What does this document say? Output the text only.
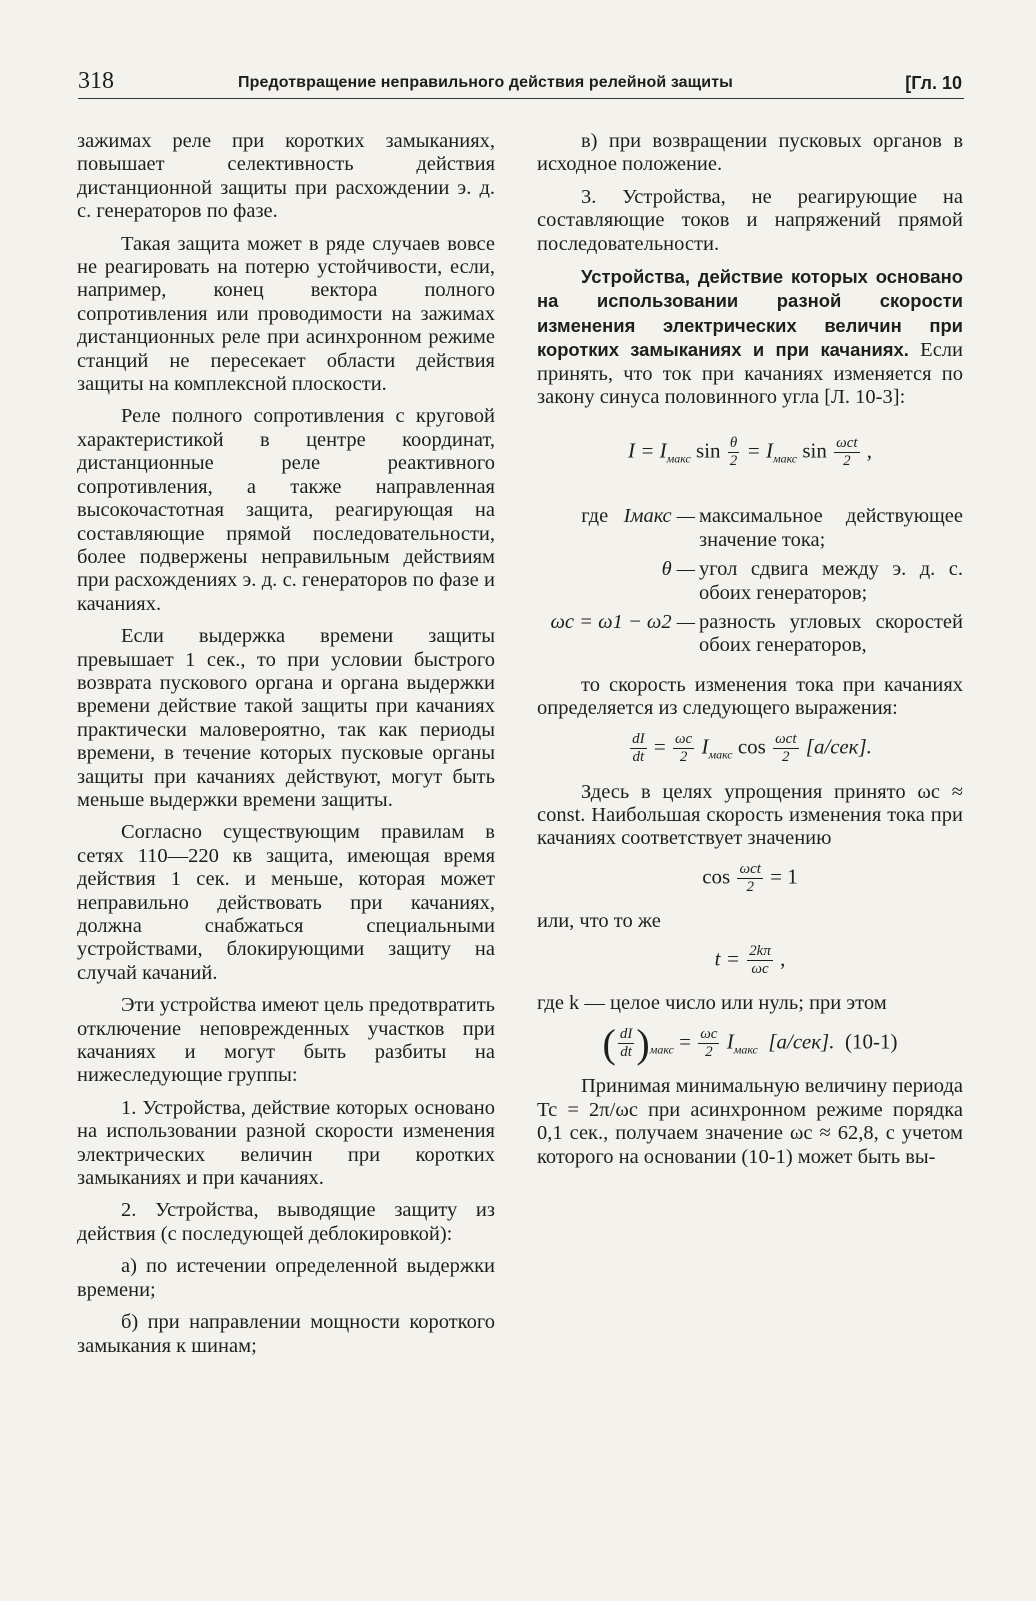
318	Предотвращение неправильного действия релейной защиты	[Гл. 10

зажимах реле при коротких замыканиях, повышает селективность действия дистанционной защиты при расхождении э. д. с. генераторов по фазе.

Такая защита может в ряде случаев вовсе не реагировать на потерю устойчивости, если, например, конец вектора полного сопротивления или проводимости на зажимах дистанционных реле при асинхронном режиме станций не пересекает области действия защиты на комплексной плоскости.

Реле полного сопротивления с круговой характеристикой в центре координат, дистанционные реле реактивного сопротивления, а также направленная высокочастотная защита, реагирующая на составляющие прямой последовательности, более подвержены неправильным действиям при расхождениях э. д. с. генераторов по фазе и качаниях.

Если выдержка времени защиты превышает 1 сек., то при условии быстрого возврата пускового органа и органа выдержки времени действие такой защиты при качаниях практически маловероятно, так как периоды времени, в течение которых пусковые органы защиты при качаниях действуют, могут быть меньше выдержки времени защиты.

Согласно существующим правилам в сетях 110—220 кв защита, имеющая время действия 1 сек. и меньше, которая может неправильно действовать при качаниях, должна снабжаться специальными устройствами, блокирующими защиту на случай качаний.

Эти устройства имеют цель предотвратить отключение неповрежденных участков при качаниях и могут быть разбиты на нижеследующие группы:

1. Устройства, действие которых основано на использовании разной скорости изменения электрических величин при коротких замыканиях и при качаниях.

2. Устройства, выводящие защиту из действия (с последующей деблокировкой):

а) по истечении определенной выдержки времени;

б) при направлении мощности короткого замыкания к шинам;

в) при возвращении пусковых органов в исходное положение.

3. Устройства, не реагирующие на составляющие токов и напряжений прямой последовательности.

Устройства, действие которых основано на использовании разной скорости изменения электрических величин при коротких замыканиях и при качаниях. Если принять, что ток при качаниях изменяется по закону синуса половинного угла [Л. 10-3]:

$I = I_{макс}$ $\sin \frac{\theta}{2} = I_{макс}$ sin ωct
2 ,
где Iмакс — максимальное действующее значение тока;
θ — угол сдвига между э. д. с. обоих генераторов;
ωc = ω1 − ω2 — разность угловых скоростей обоих генераторов,

то скорость изменения тока при качаниях определяется из следующего выражения:

$\frac{dI}{dt} = \frac{\omega c}{2} I_{макс}$ cos ωct
2 [а/сек].

Здесь в целях упрощения принято ωc ≈ const. Наибольшая скорость изменения тока при качаниях соответствует значению

cos ωct
2 = 1

или, что то же

$t = \frac{2k\pi}{\omega c}$ ,

где k — целое число или нуль; при этом

( $\frac{dI}{dt} )_{макс} = \frac{\omega c}{2} I_{макс}$ [а/сек]. (10-1)

Принимая минимальную величину периода Tc = 2π/ωc при асинхронном режиме порядка 0,1 сек., получаем значение ωc ≈ 62,8, с учетом которого на основании (10-1) может быть вы-
